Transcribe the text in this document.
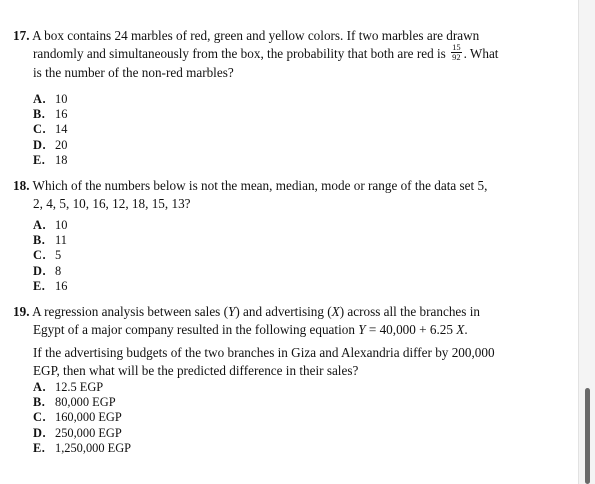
17. A box contains 24 marbles of red, green and yellow colors. If two marbles are drawn
randomly and simultaneously from the box, the probability that both are red is $\frac{15}{92}$ . What
is the number of the non-red marbles?
A. 10
B. 16
C. 14
D. 20
E. 18
18. Which of the numbers below is not the mean, median, mode or range of the data set 5,
2, 4, 5, 10, 16, 12, 18, 15, 13?
A. 10
B. 11
C. 5
D. 8
E. 16
19. A regression analysis between sales (Y) and advertising (X) across all the branches in
Egypt of a major company resulted in the following equation Y = 40,000 + 6.25 X.
If the advertising budgets of the two branches in Giza and Alexandria differ by 200,000
EGP, then what will be the predicted difference in their sales?
A. 12.5 EGP
B. 80,000 EGP
C. 160,000 EGP
D. 250,000 EGP
E. 1,250,000 EGP
